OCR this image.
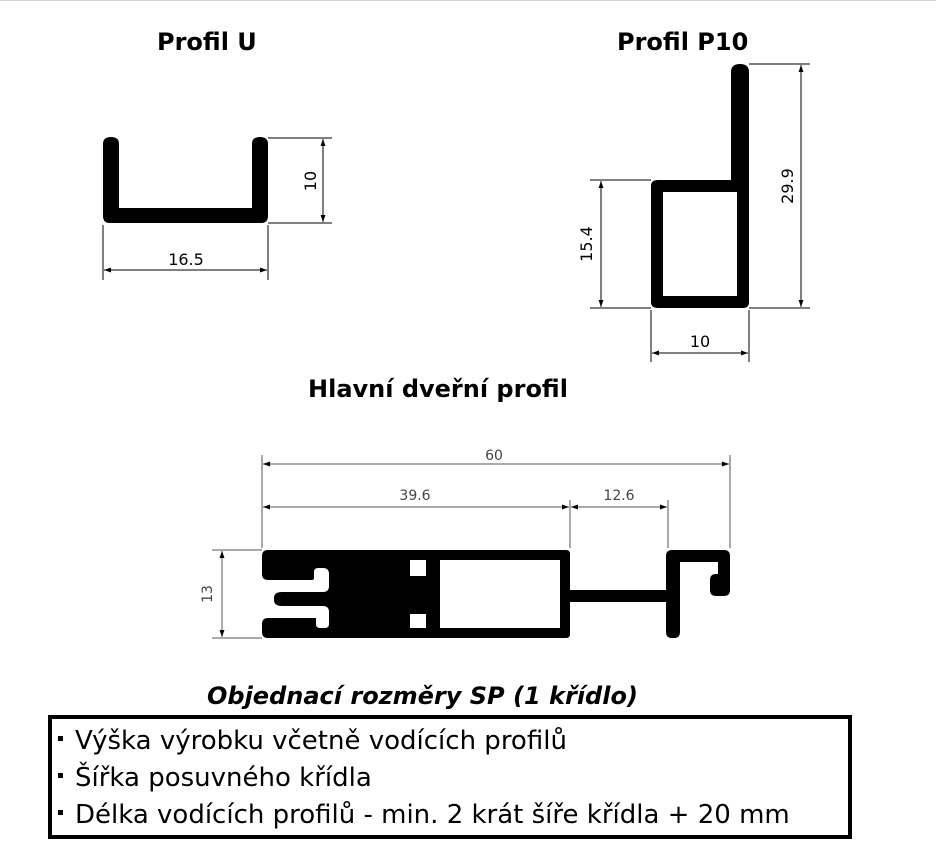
Profil U	Profil P10
Hlavní dveřní profil
Objednací rozměry SP (1 křídlo)
16.5
10
15.4
29.9
10
60
39.6	12.6
13
Výška výrobku včetně vodících profilů
Šířka posuvného křídla
Délka vodících profilů - min. 2 krát šíře křídla + 20 mm
